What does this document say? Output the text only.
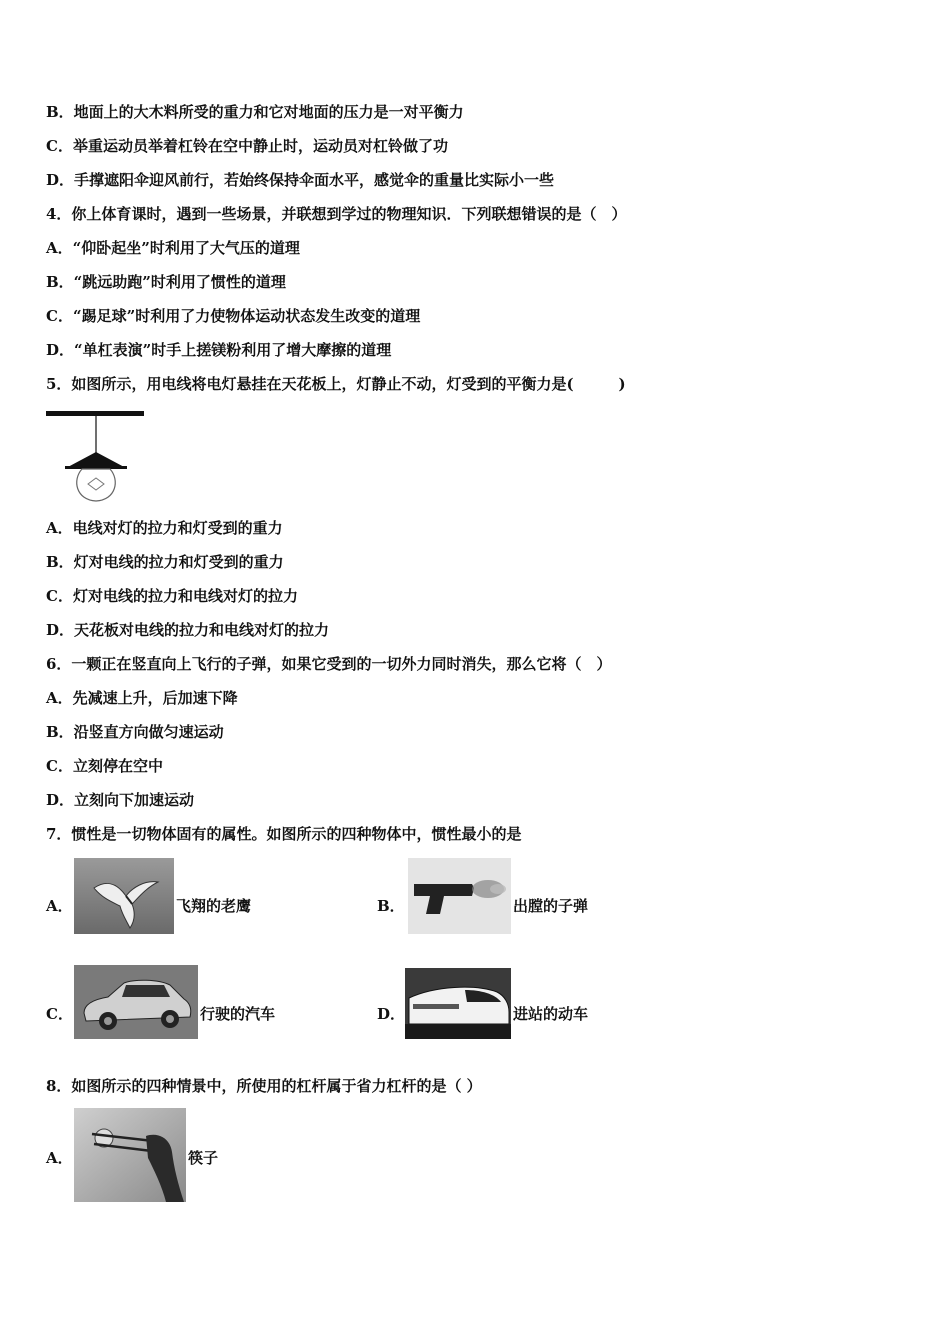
B．地面上的大木料所受的重力和它对地面的压力是一对平衡力
C．举重运动员举着杠铃在空中静止时，运动员对杠铃做了功
D．手撑遮阳伞迎风前行，若始终保持伞面水平，感觉伞的重量比实际小一些
4．你上体育课时，遇到一些场景，并联想到学过的物理知识．下列联想错误的是（　）
A．“仰卧起坐”时利用了大气压的道理
B．“跳远助跑”时利用了惯性的道理
C．“踢足球”时利用了力使物体运动状态发生改变的道理
D．“单杠表演”时手上搓镁粉利用了增大摩擦的道理
5．如图所示，用电线将电灯悬挂在天花板上，灯静止不动，灯受到的平衡力是(　　　)
A．电线对灯的拉力和灯受到的重力
B．灯对电线的拉力和灯受到的重力
C．灯对电线的拉力和电线对灯的拉力
D．天花板对电线的拉力和电线对灯的拉力
6．一颗正在竖直向上飞行的子弹，如果它受到的一切外力同时消失，那么它将（　）
A．先减速上升，后加速下降
B．沿竖直方向做匀速运动
C．立刻停在空中
D．立刻向下加速运动
7．惯性是一切物体固有的属性。如图所示的四种物体中，惯性最小的是
A．	飞翔的老鹰	B．	出膛的子弹
C．	行驶的汽车	D．	进站的动车
8．如图所示的四种情景中，所使用的杠杆属于省力杠杆的是（ ）
A．	筷子
